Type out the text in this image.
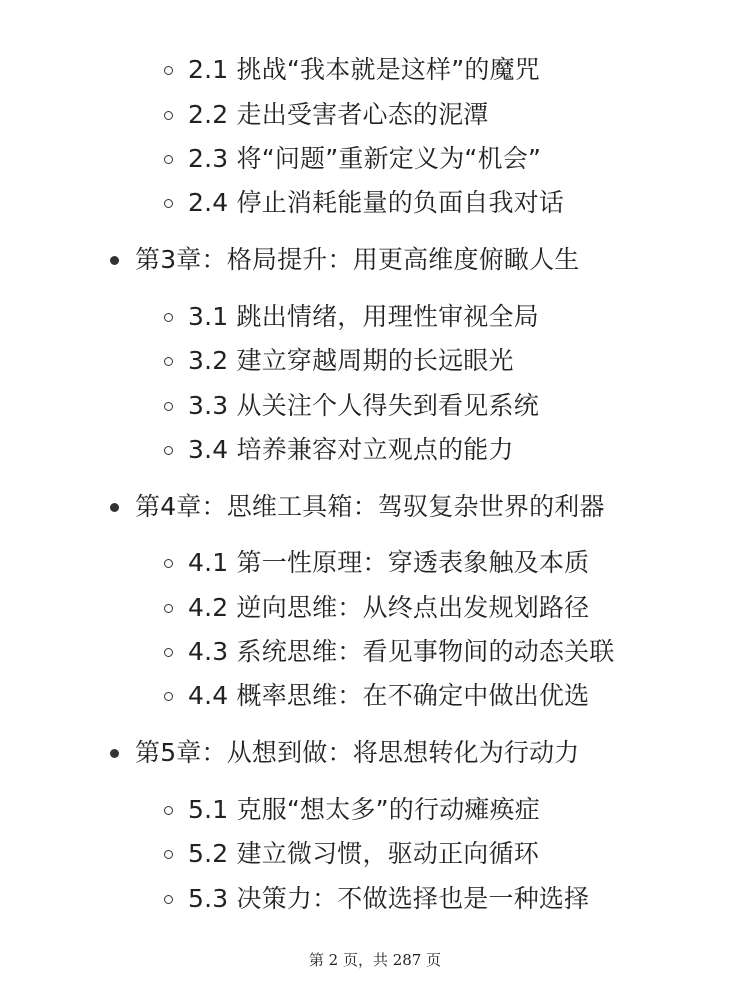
2.1 挑战“我本就是这样”的魔咒
2.2 走出受害者心态的泥潭
2.3 将“问题”重新定义为“机会”
2.4 停止消耗能量的负面自我对话
第3章：格局提升：用更高维度俯瞰人生
3.1 跳出情绪，用理性审视全局
3.2 建立穿越周期的长远眼光
3.3 从关注个人得失到看见系统
3.4 培养兼容对立观点的能力
第4章：思维工具箱：驾驭复杂世界的利器
4.1 第一性原理：穿透表象触及本质
4.2 逆向思维：从终点出发规划路径
4.3 系统思维：看见事物间的动态关联
4.4 概率思维：在不确定中做出优选
第5章：从想到做：将思想转化为行动力
5.1 克服“想太多”的行动瘫痪症
5.2 建立微习惯，驱动正向循环
5.3 决策力：不做选择也是一种选择
第 2 页，共 287 页
